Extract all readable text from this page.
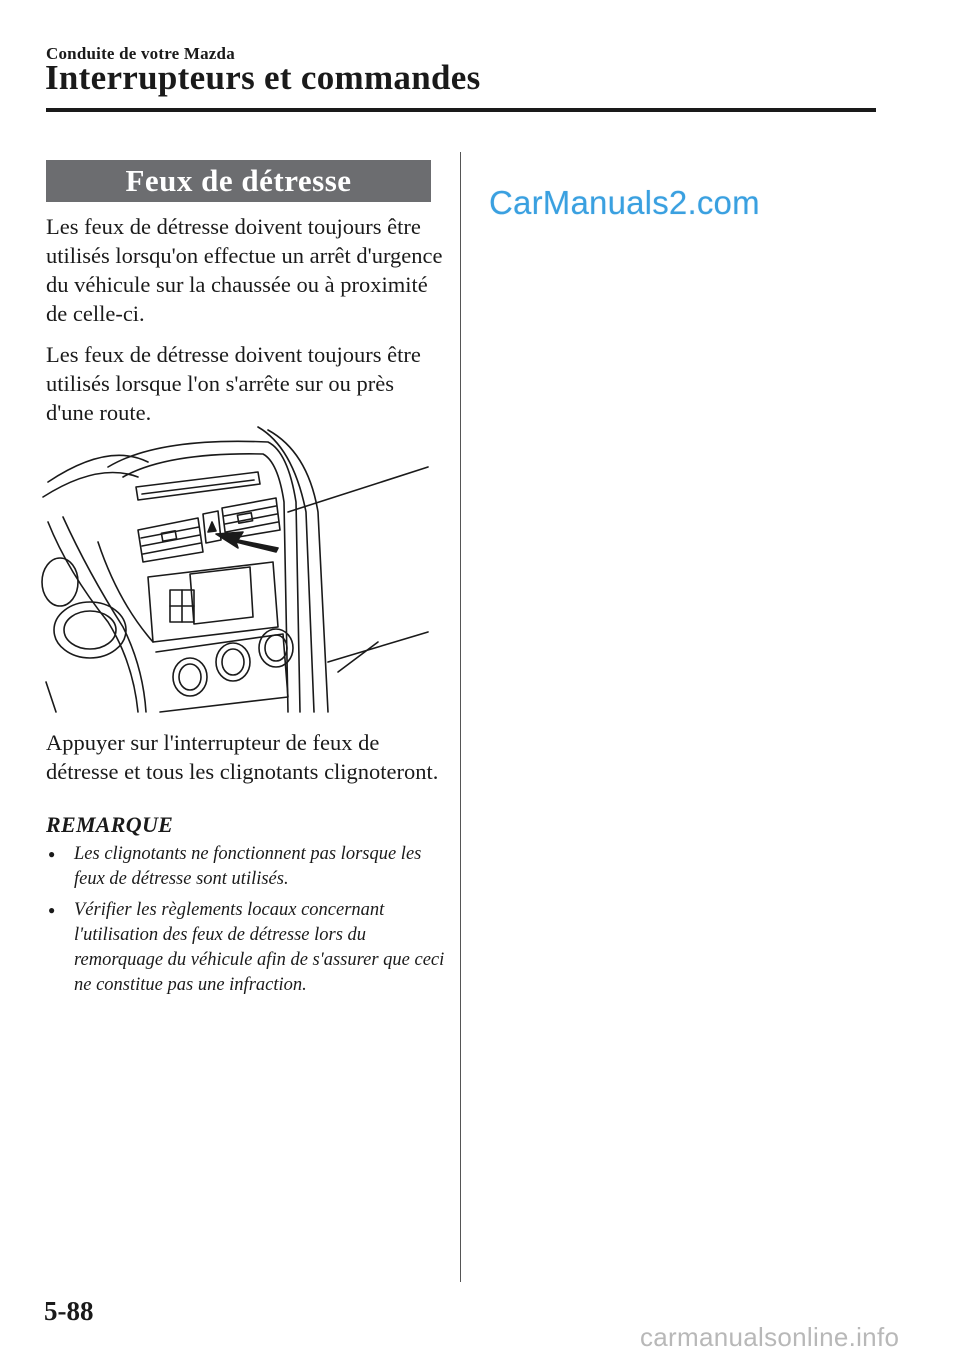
Conduite de votre Mazda
Interrupteurs et commandes
Feux de détresse

Les feux de détresse doivent toujours être utilisés lorsqu'on effectue un arrêt d'urgence du véhicule sur la chaussée ou à proximité de celle-ci.

Les feux de détresse doivent toujours être utilisés lorsque l'on s'arrête sur ou près d'une route.

Appuyer sur l'interrupteur de feux de détresse et tous les clignotants clignoteront.

REMARQUE
● Les clignotants ne fonctionnent pas lorsque les feux de détresse sont utilisés.
● Vérifier les règlements locaux concernant l'utilisation des feux de détresse lors du remorquage du véhicule afin de s'assurer que ceci ne constitue pas une infraction.
CarManuals2.com
5-88
carmanualsonline.info
